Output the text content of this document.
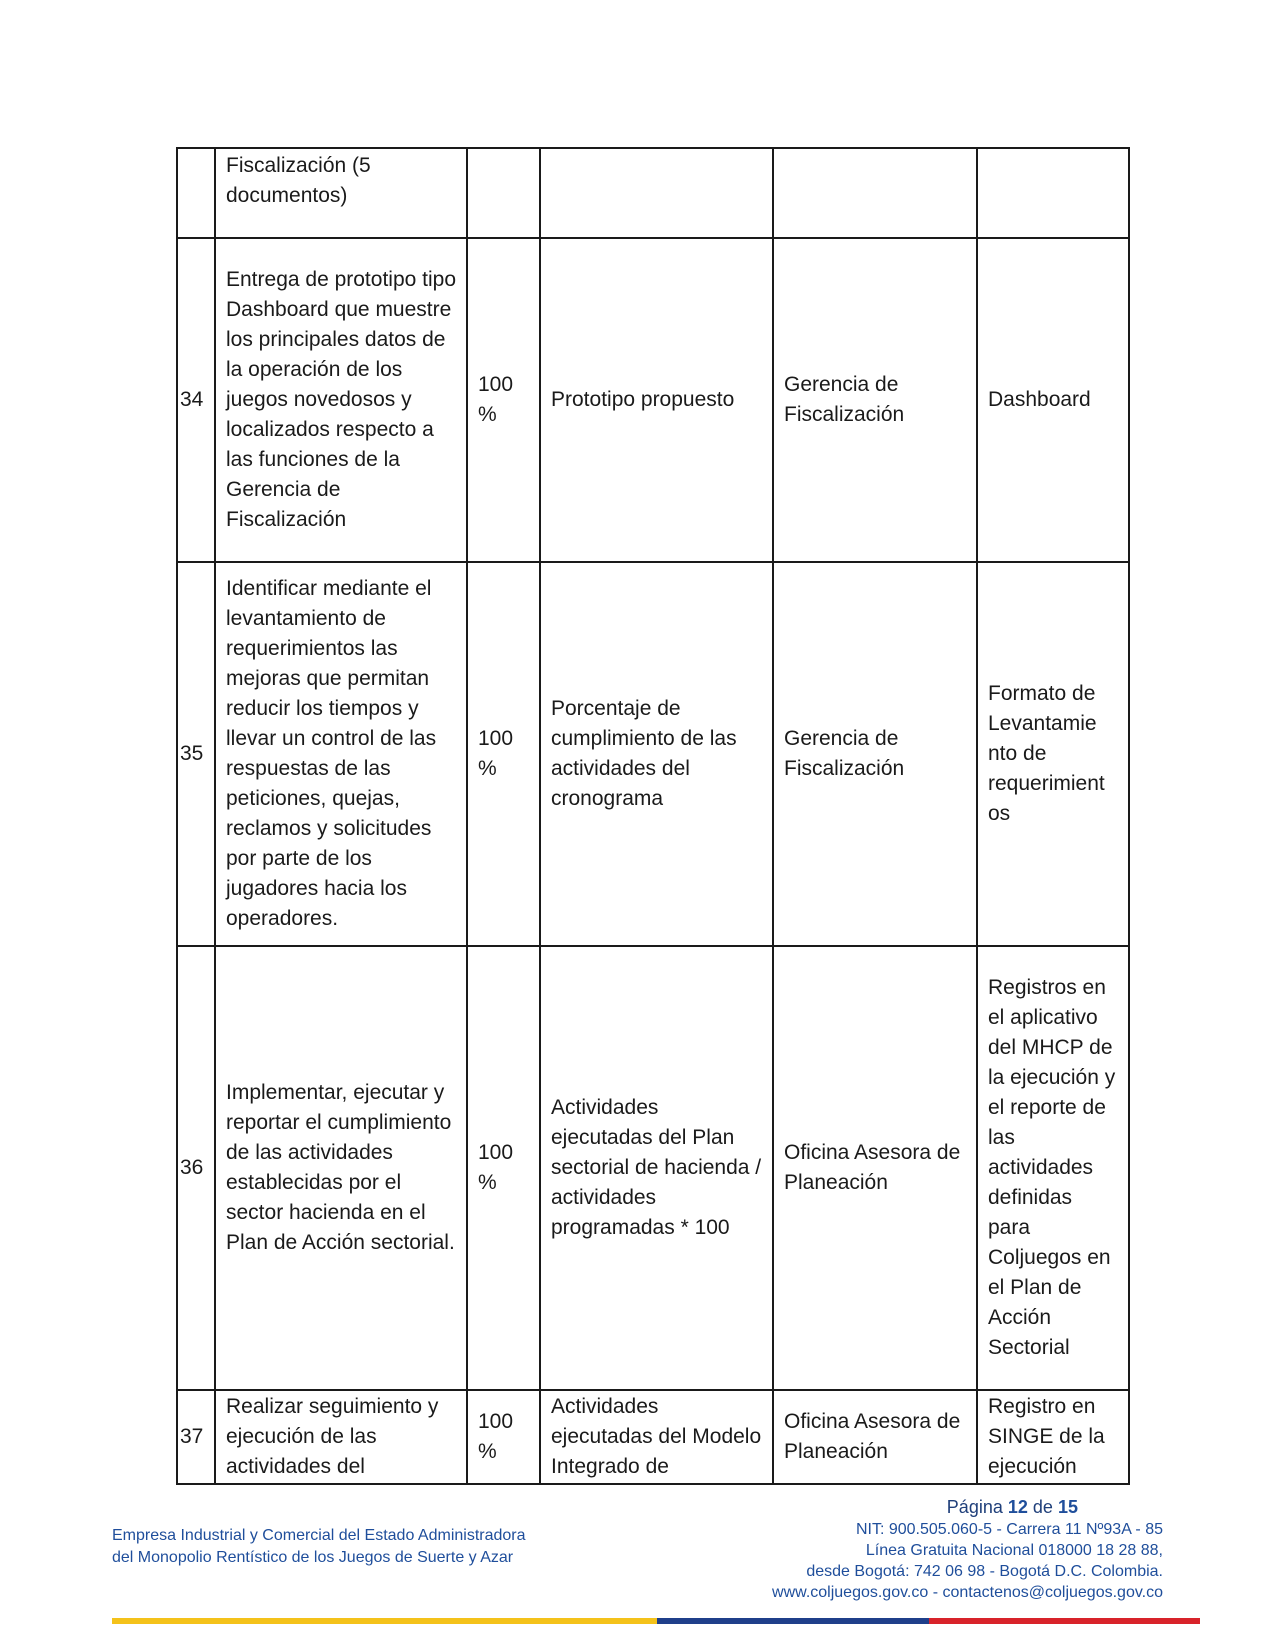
	Fiscalización (5 documentos)				
34	Entrega de prototipo tipo Dashboard que muestre los principales datos de la operación de los juegos novedosos y localizados respecto a las funciones de la Gerencia de Fiscalización	100 %	Prototipo propuesto	Gerencia de Fiscalización	Dashboard
35	Identificar mediante el levantamiento de requerimientos las mejoras que permitan reducir los tiempos y llevar un control de las respuestas de las peticiones, quejas, reclamos y solicitudes por parte de los jugadores hacia los operadores.	100 %	Porcentaje de cumplimiento de las actividades del cronograma	Gerencia de Fiscalización	Formato de Levantamie nto de requerimient os
36	Implementar, ejecutar y reportar el cumplimiento de las actividades establecidas por el sector hacienda en el Plan de Acción sectorial.	100 %	Actividades ejecutadas del Plan sectorial de hacienda / actividades programadas * 100	Oficina Asesora de Planeación	Registros en el aplicativo del MHCP de la ejecución y el reporte de las actividades definidas para Coljuegos en el Plan de Acción Sectorial
37	Realizar seguimiento y ejecución de las actividades del	100 %	Actividades ejecutadas del Modelo Integrado de	Oficina Asesora de Planeación	Registro en SINGE de la ejecución
Empresa Industrial y Comercial del Estado Administradora
del Monopolio Rentístico de los Juegos de Suerte y Azar
Página 12 de 15
NIT: 900.505.060-5 - Carrera 11 Nº93A - 85
Línea Gratuita Nacional 018000 18 28 88,
desde Bogotá: 742 06 98 - Bogotá D.C. Colombia.
www.coljuegos.gov.co - contactenos@coljuegos.gov.co
